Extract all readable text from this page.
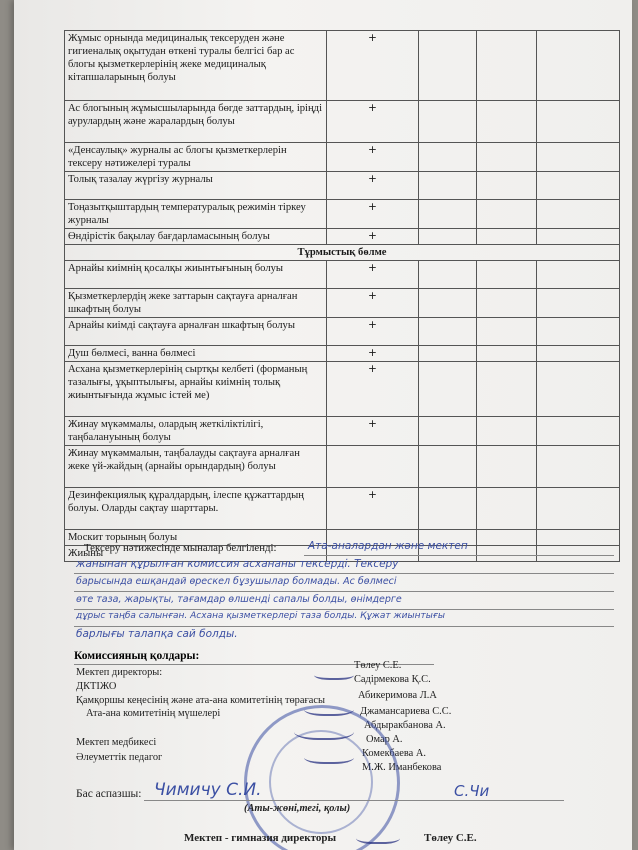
Жұмыс орнында медициналық тексеруден және гигиеналық оқытудан өткені туралы белгісі бар ас блогы қызметкерлерінің жеке медициналық кітапшаларының болуы	+			
Ас блогының жұмысшыларында бөгде заттардың, іріңді аурулардың және жаралардың болуы	+			
«Денсаулық» журналы ас блогы қызметкерлерін тексеру нәтижелері туралы	+			
Толық тазалау жүргізу журналы	+			
Тоңазытқыштардың температуралық режимін тіркеу журналы	+			
Өндірістік бақылау бағдарламасының болуы	+			
Тұрмыстық бөлме				
Арнайы киімнің қосалқы жиынтығының болуы	+			
Қызметкерлердің жеке заттарын сақтауға арналған шкафтың болуы	+			
Арнайы киімді сақтауға арналған шкафтың болуы	+			
Душ бөлмесі, ванна бөлмесі	+			
Асхана қызметкерлерінің сыртқы келбеті (форманың тазалығы, ұқыптылығы, арнайы киімнің толық жиынтығында жұмыс істей ме)	+			
Жинау мүкәммалы, олардың жеткіліктілігі, таңбалануының болуы	+			
Жинау мүкәммалын, таңбалауды сақтауға арналған жеке үй-жайдың (арнайы орындардың) болуы				
Дезинфекциялық құралдардың, ілеспе құжаттардың болуы. Оларды сақтау шарттары.	+			
Москит торының болуы				
Жиыны				
Тексеру нәтижесінде мыналар белгіленді:	Ата-аналардан және мектеп
жанынан құрылған комиссия асхананы тексерді. Тексеру
барысында ешқандай өрескел бұзушылар болмады. Ас бөлмесі
өте таза, жарықты, тағамдар өлшенді сапалы болды, өнімдерге
дұрыс таңба салынған. Асхана қызметкерлері таза болды. Құжат жиынтығы
барлығы талапқа сай болды.
Комиссияның қолдары:
Мектеп директоры:
Төлеу С.Е.
ДКТІЖО
Садірмекова Қ.С.
Қамқоршы кеңесінің және ата-ана комитетінің төрағасы	Абикеримова Л.А
Ата-ана комитетінің мүшелері	Джамансариева С.С.
Абдыракбанова А.
Омар А.
Мектеп медбикесі
Комекбаева А.
Әлеуметтік педагог
М.Ж. Иманбекова
Бас аспазшы: Чимичу С.И.	С.Чи
(Аты-жөні,тегі, қолы)
Мектеп - гимназия директоры	Төлеу С.Е.
